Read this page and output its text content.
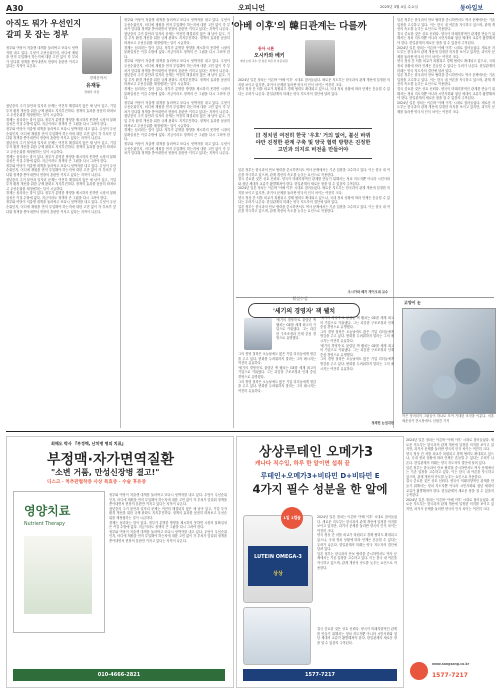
A30	오피니언	2025년 3월 4일 수요일	동아일보
아직도 뭐가 우선인지 갈피 못 잡는 정부
경제문학서
유재동
경제부 차장

정부와 여당이 저출생 대책을 둘러싸고 또다시 엇박자를 내고 있다. 무엇이 우선순위인지, 어디에 재원을 먼저 투입해야 하는지에 대한 고민 없이 각 부처가 앞다퉈 정책을 쏟아내면서 현장의 혼란만 커지고 있다는 지적이 나온다.

청년층의 주거 불안과 일자리 문제는 여전히 해결되지 않은 채 남아 있고, 기업 투자 환경 개선을 위한 규제 완화도 지지부진하다. 정책의 효과를 꼼꼼히 따져보고 우선순위를 재정립하는 일이 시급하다.

경제는 심리라는 말이 있다. 정부가 분명한 방향을 제시하지 못하면 시장의 불확실성은 커질 수밖에 없다. 지금이라도 정책의 큰 그림을 다시 그려야 한다.

정부와 여당이 저출생 대책을 둘러싸고 또다시 엇박자를 내고 있다. 무엇이 우선순위인지, 어디에 재원을 먼저 투입해야 하는지에 대한 고민 없이 각 부처가 앞다퉈 정책을 쏟아내면서 현장의 혼란만 커지고 있다는 지적이 나온다.

청년층의 주거 불안과 일자리 문제는 여전히 해결되지 않은 채 남아 있고, 기업 투자 환경 개선을 위한 규제 완화도 지지부진하다. 정책의 효과를 꼼꼼히 따져보고 우선순위를 재정립하는 일이 시급하다.

경제는 심리라는 말이 있다. 정부가 분명한 방향을 제시하지 못하면 시장의 불확실성은 커질 수밖에 없다. 지금이라도 정책의 큰 그림을 다시 그려야 한다.

정부와 여당이 저출생 대책을 둘러싸고 또다시 엇박자를 내고 있다. 무엇이 우선순위인지, 어디에 재원을 먼저 투입해야 하는지에 대한 고민 없이 각 부처가 앞다퉈 정책을 쏟아내면서 현장의 혼란만 커지고 있다는 지적이 나온다.

청년층의 주거 불안과 일자리 문제는 여전히 해결되지 않은 채 남아 있고, 기업 투자 환경 개선을 위한 규제 완화도 지지부진하다. 정책의 효과를 꼼꼼히 따져보고 우선순위를 재정립하는 일이 시급하다.

경제는 심리라는 말이 있다. 정부가 분명한 방향을 제시하지 못하면 시장의 불확실성은 커질 수밖에 없다. 지금이라도 정책의 큰 그림을 다시 그려야 한다.

정부와 여당이 저출생 대책을 둘러싸고 또다시 엇박자를 내고 있다. 무엇이 우선순위인지, 어디에 재원을 먼저 투입해야 하는지에 대한 고민 없이 각 부처가 앞다퉈 정책을 쏟아내면서 현장의 혼란만 커지고 있다는 지적이 나온다.

정부와 여당이 저출생 대책을 둘러싸고 또다시 엇박자를 내고 있다. 무엇이 우선순위인지, 어디에 재원을 먼저 투입해야 하는지에 대한 고민 없이 각 부처가 앞다퉈 정책을 쏟아내면서 현장의 혼란만 커지고 있다는 지적이 나온다.

청년층의 주거 불안과 일자리 문제는 여전히 해결되지 않은 채 남아 있고, 기업 투자 환경 개선을 위한 규제 완화도 지지부진하다. 정책의 효과를 꼼꼼히 따져보고 우선순위를 재정립하는 일이 시급하다.

경제는 심리라는 말이 있다. 정부가 분명한 방향을 제시하지 못하면 시장의 불확실성은 커질 수밖에 없다. 지금이라도 정책의 큰 그림을 다시 그려야 한다.

정부와 여당이 저출생 대책을 둘러싸고 또다시 엇박자를 내고 있다. 무엇이 우선순위인지, 어디에 재원을 먼저 투입해야 하는지에 대한 고민 없이 각 부처가 앞다퉈 정책을 쏟아내면서 현장의 혼란만 커지고 있다는 지적이 나온다.

청년층의 주거 불안과 일자리 문제는 여전히 해결되지 않은 채 남아 있고, 기업 투자 환경 개선을 위한 규제 완화도 지지부진하다. 정책의 효과를 꼼꼼히 따져보고 우선순위를 재정립하는 일이 시급하다.

경제는 심리라는 말이 있다. 정부가 분명한 방향을 제시하지 못하면 시장의 불확실성은 커질 수밖에 없다. 지금이라도 정책의 큰 그림을 다시 그려야 한다.

정부와 여당이 저출생 대책을 둘러싸고 또다시 엇박자를 내고 있다. 무엇이 우선순위인지, 어디에 재원을 먼저 투입해야 하는지에 대한 고민 없이 각 부처가 앞다퉈 정책을 쏟아내면서 현장의 혼란만 커지고 있다는 지적이 나온다.

청년층의 주거 불안과 일자리 문제는 여전히 해결되지 않은 채 남아 있고, 기업 투자 환경 개선을 위한 규제 완화도 지지부진하다. 정책의 효과를 꼼꼼히 따져보고 우선순위를 재정립하는 일이 시급하다.

경제는 심리라는 말이 있다. 정부가 분명한 방향을 제시하지 못하면 시장의 불확실성은 커질 수밖에 없다. 지금이라도 정책의 큰 그림을 다시 그려야 한다.

정부와 여당이 저출생 대책을 둘러싸고 또다시 엇박자를 내고 있다. 무엇이 우선순위인지, 어디에 재원을 먼저 투입해야 하는지에 대한 고민 없이 각 부처가 앞다퉈 정책을 쏟아내면서 현장의 혼란만 커지고 있다는 지적이 나온다.

'아베 이후'의 韓日관계는 다를까
동아 시론
오시카와 베키
게이오대 교수·전 일본 외무성 자문위원

2024년 일본 정치는 이른바 '아베 이후' 시대로 접어들었다. 새로운 지도부는 한국과의 관계 개선에 일정한 의지를 보이고 있지만, 과거사 문제를 둘러싼 양국의 인식 차이는 여전히 크다.

양국 정상 간 셔틀 외교가 복원되고 경제 협력도 확대되고 있으나, 국내 정치 상황에 따라 언제든 흔들릴 수 있다는 우려가 나온다. 한일관계의 미래는 양국 지도자의 결단에 달려 있다.

日 정치권 여전히 한국 '우호' 거의 없어, 불신 바꿔야만 진정한 관계 구축 및 양국 협력 방향은 진정한 고민과 의지로 비전을 만들어야

일본 정부는 한국과의 안보 협력을 중시하면서도 역사 문제에서는 기존 입장을 고수하고 있다. 이는 한국 내 여론을 자극하고 있으며, 관계 개선의 속도를 늦추는 요인으로 작용한다.

결국 중요한 것은 상호 신뢰다. 양국이 미래지향적인 관계를 만들기 위해서는 정치 지도자뿐 아니라 시민사회와 청년 세대의 교류가 활발해져야 한다. 한일관계의 새로운 장을 열 수 있을지 주목된다.

2024년 일본 정치는 이른바 '아베 이후' 시대로 접어들었다. 새로운 지도부는 한국과의 관계 개선에 일정한 의지를 보이고 있지만, 과거사 문제를 둘러싼 양국의 인식 차이는 여전히 크다.

양국 정상 간 셔틀 외교가 복원되고 경제 협력도 확대되고 있으나, 국내 정치 상황에 따라 언제든 흔들릴 수 있다는 우려가 나온다. 한일관계의 미래는 양국 지도자의 결단에 달려 있다.

일본 정부는 한국과의 안보 협력을 중시하면서도 역사 문제에서는 기존 입장을 고수하고 있다. 이는 한국 내 여론을 자극하고 있으며, 관계 개선의 속도를 늦추는 요인으로 작용한다.

오시카와 베키 게이오대 교수

일본 정부는 한국과의 안보 협력을 중시하면서도 역사 문제에서는 기존 입장을 고수하고 있다. 이는 한국 내 여론을 자극하고 있으며, 관계 개선의 속도를 늦추는 요인으로 작용한다.

결국 중요한 것은 상호 신뢰다. 양국이 미래지향적인 관계를 만들기 위해서는 정치 지도자뿐 아니라 시민사회와 청년 세대의 교류가 활발해져야 한다. 한일관계의 새로운 장을 열 수 있을지 주목된다.

2024년 일본 정치는 이른바 '아베 이후' 시대로 접어들었다. 새로운 지도부는 한국과의 관계 개선에 일정한 의지를 보이고 있지만, 과거사 문제를 둘러싼 양국의 인식 차이는 여전히 크다.

양국 정상 간 셔틀 외교가 복원되고 경제 협력도 확대되고 있으나, 국내 정치 상황에 따라 언제든 흔들릴 수 있다는 우려가 나온다. 한일관계의 미래는 양국 지도자의 결단에 달려 있다.

일본 정부는 한국과의 안보 협력을 중시하면서도 역사 문제에서는 기존 입장을 고수하고 있다. 이는 한국 내 여론을 자극하고 있으며, 관계 개선의 속도를 늦추는 요인으로 작용한다.

결국 중요한 것은 상호 신뢰다. 양국이 미래지향적인 관계를 만들기 위해서는 정치 지도자뿐 아니라 시민사회와 청년 세대의 교류가 활발해져야 한다. 한일관계의 새로운 장을 열 수 있을지 주목된다.

2024년 일본 정치는 이른바 '아베 이후' 시대로 접어들었다. 새로운 지도부는 한국과의 관계 개선에 일정한 의지를 보이고 있지만, 과거사 문제를 둘러싼 양국의 인식 차이는 여전히 크다.

횡설수설
'세기의 경영자' 잭 웰치

'세기의 경영자'로 불렸던 잭 웰치는 GE를 세계 최고의 기업으로 키워냈다. 그는 과감한 구조조정과 인재 중심 경영으로 유명했다.

그의 경영 철학은 오늘날에도 많은 기업 리더들에게 영감을 주고 있다. 변화를 두려워하지 말라는 그의 메시지는 여전히 유효하다.

'세기의 경영자'로 불렸던 잭 웰치는 GE를 세계 최고의 기업으로 키워냈다. 그는 과감한 구조조정과 인재 중심 경영으로 유명했다.

그의 경영 철학은 오늘날에도 많은 기업 리더들에게 영감을 주고 있다. 변화를 두려워하지 말라는 그의 메시지는 여전히 유효하다.

'세기의 경영자'로 불렸던 잭 웰치는 GE를 세계 최고의 기업으로 키워냈다. 그는 과감한 구조조정과 인재 중심 경영으로 유명했다.

그의 경영 철학은 오늘날에도 많은 기업 리더들에게 영감을 주고 있다. 변화를 두려워하지 말라는 그의 메시지는 여전히 유효하다.

'세기의 경영자'로 불렸던 잭 웰치는 GE를 세계 최고의 기업으로 키워냈다. 그는 과감한 구조조정과 인재 중심 경영으로 유명했다.

그의 경영 철학은 오늘날에도 많은 기업 리더들에게 영감을 주고 있다. 변화를 두려워하지 말라는 그의 메시지는 여전히 유효하다.

정채현 논설위원
고양이 눈
작은 덩어리의 그림들이 하나로 모여 거대한 조각을 이룬다. 서울 세운상가 전시장에서. 신원건 기자
최해도 박사 『부정맥, 난치병 명의 치료』
부정맥·자가면역질환
"소변 거품, 만성신장병 결고!"
디스크 · 척추관협착증 사상 특효증 · 수술 후유증
영양치료
Nutrient Therapy

정부와 여당이 저출생 대책을 둘러싸고 또다시 엇박자를 내고 있다. 무엇이 우선순위인지, 어디에 재원을 먼저 투입해야 하는지에 대한 고민 없이 각 부처가 앞다퉈 정책을 쏟아내면서 현장의 혼란만 커지고 있다는 지적이 나온다.

청년층의 주거 불안과 일자리 문제는 여전히 해결되지 않은 채 남아 있고, 기업 투자 환경 개선을 위한 규제 완화도 지지부진하다. 정책의 효과를 꼼꼼히 따져보고 우선순위를 재정립하는 일이 시급하다.

경제는 심리라는 말이 있다. 정부가 분명한 방향을 제시하지 못하면 시장의 불확실성은 커질 수밖에 없다. 지금이라도 정책의 큰 그림을 다시 그려야 한다.

정부와 여당이 저출생 대책을 둘러싸고 또다시 엇박자를 내고 있다. 무엇이 우선순위인지, 어디에 재원을 먼저 투입해야 하는지에 대한 고민 없이 각 부처가 앞다퉈 정책을 쏟아내면서 현장의 혼란만 커지고 있다는 지적이 나온다.

010-4666-2821
상상루테인 오메가3
캐나다 직수입, 하루 한 알이면 섭취 끝
루테인+오메가3+비타민 D+비타민 E
4가지 필수 성분을 한 알에
LUTEIN OMEGA-3
상상
1일 1캡슐	2024년 일본 정치는 이른바 '아베 이후' 시대로 접어들었다. 새로운 지도부는 한국과의 관계 개선에 일정한 의지를 보이고 있지만, 과거사 문제를 둘러싼 양국의 인식 차이는 여전히 크다.

양국 정상 간 셔틀 외교가 복원되고 경제 협력도 확대되고 있으나, 국내 정치 상황에 따라 언제든 흔들릴 수 있다는 우려가 나온다. 한일관계의 미래는 양국 지도자의 결단에 달려 있다.

일본 정부는 한국과의 안보 협력을 중시하면서도 역사 문제에서는 기존 입장을 고수하고 있다. 이는 한국 내 여론을 자극하고 있으며, 관계 개선의 속도를 늦추는 요인으로 작용한다.

결국 중요한 것은 상호 신뢰다. 양국이 미래지향적인 관계를 만들기 위해서는 정치 지도자뿐 아니라 시민사회와 청년 세대의 교류가 활발해져야 한다. 한일관계의 새로운 장을 열 수 있을지 주목된다.

1577-7217

2024년 일본 정치는 이른바 '아베 이후' 시대로 접어들었다. 새로운 지도부는 한국과의 관계 개선에 일정한 의지를 보이고 있지만, 과거사 문제를 둘러싼 양국의 인식 차이는 여전히 크다.

양국 정상 간 셔틀 외교가 복원되고 경제 협력도 확대되고 있으나, 국내 정치 상황에 따라 언제든 흔들릴 수 있다는 우려가 나온다. 한일관계의 미래는 양국 지도자의 결단에 달려 있다.

일본 정부는 한국과의 안보 협력을 중시하면서도 역사 문제에서는 기존 입장을 고수하고 있다. 이는 한국 내 여론을 자극하고 있으며, 관계 개선의 속도를 늦추는 요인으로 작용한다.

결국 중요한 것은 상호 신뢰다. 양국이 미래지향적인 관계를 만들기 위해서는 정치 지도자뿐 아니라 시민사회와 청년 세대의 교류가 활발해져야 한다. 한일관계의 새로운 장을 열 수 있을지 주목된다.

2024년 일본 정치는 이른바 '아베 이후' 시대로 접어들었다. 새로운 지도부는 한국과의 관계 개선에 일정한 의지를 보이고 있지만, 과거사 문제를 둘러싼 양국의 인식 차이는 여전히 크다.

www.sangsang.co.kr
1577-7217
